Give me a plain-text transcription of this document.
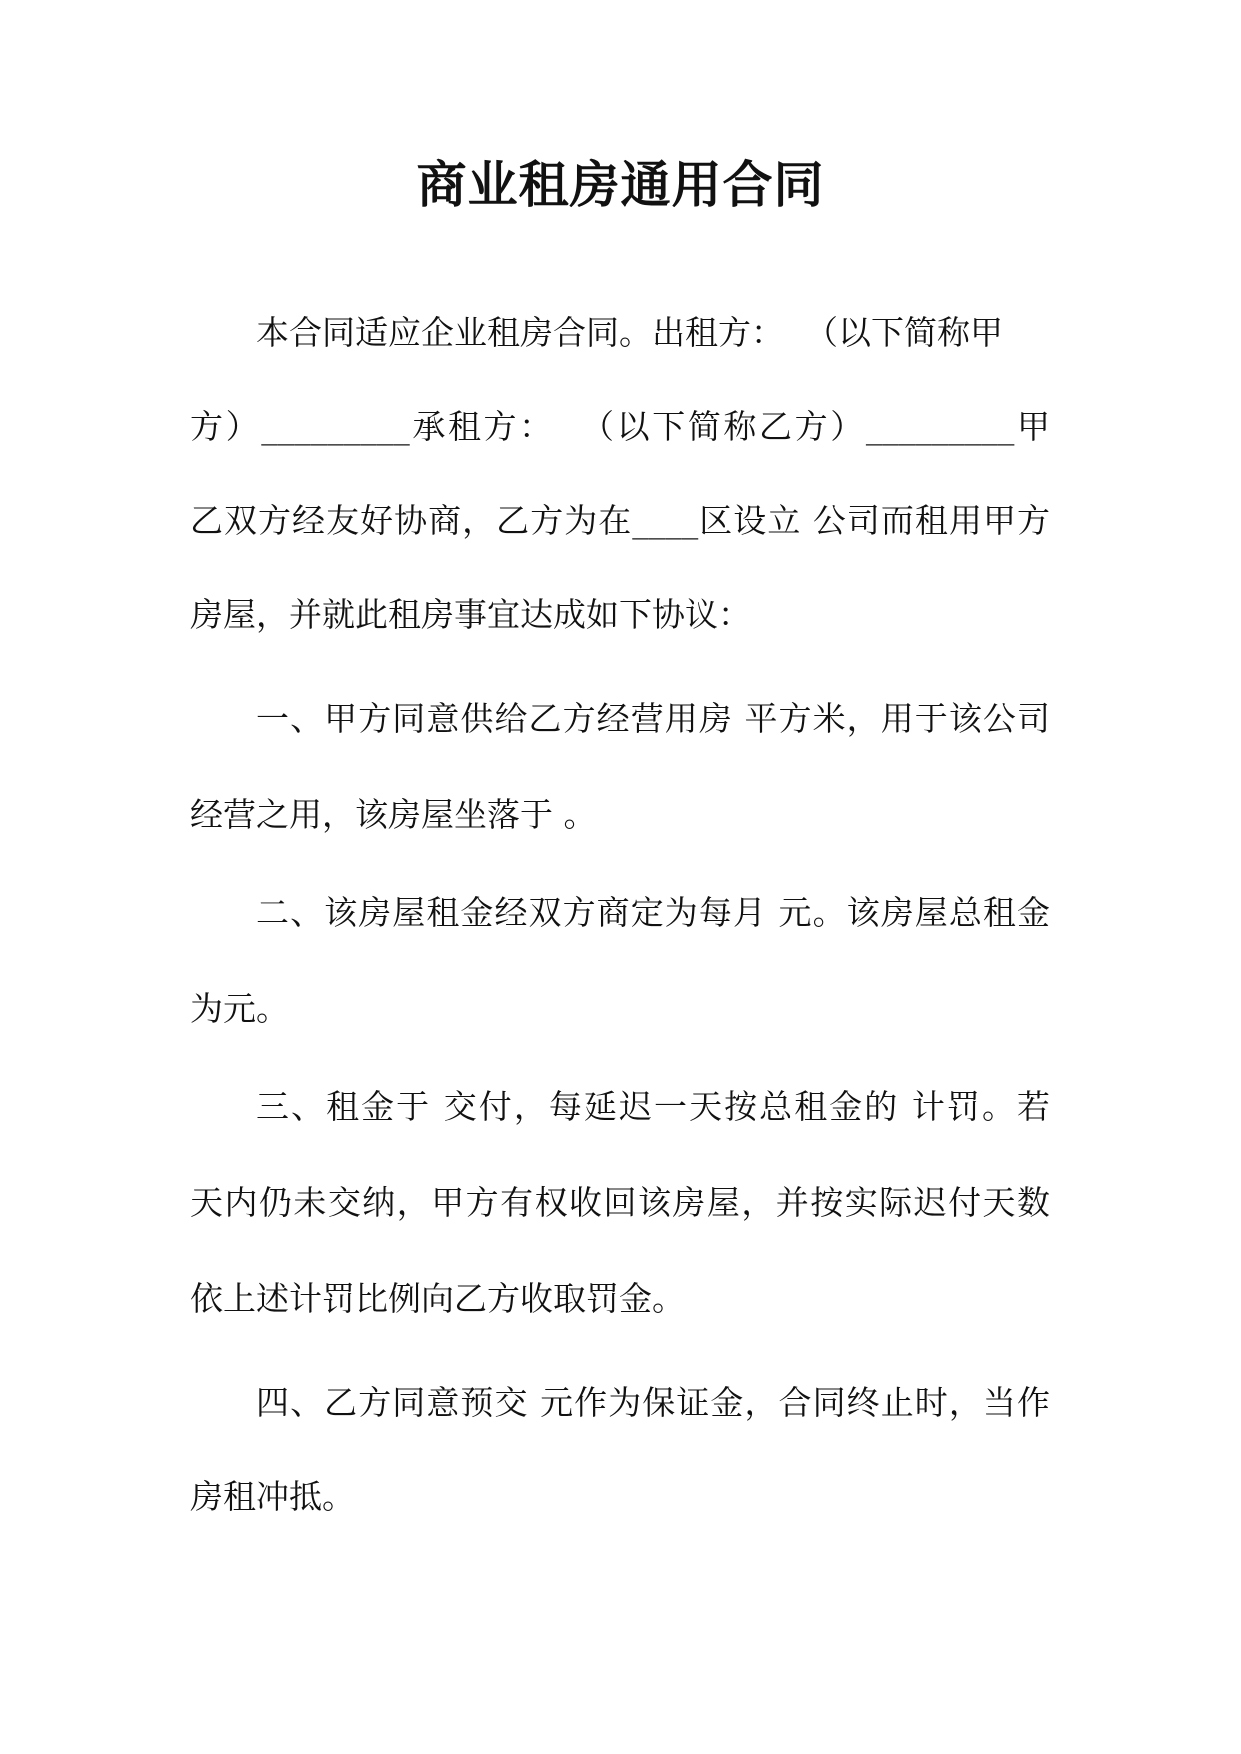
商业租房通用合同

本合同适应企业租房合同。出租方：  （以下简称甲

方）_________承租方：  （以下简称乙方）_________甲

乙双方经友好协商，乙方为在____区设立 公司而租用甲方

房屋，并就此租房事宜达成如下协议：

一、甲方同意供给乙方经营用房 平方米，用于该公司

经营之用，该房屋坐落于 。

二、该房屋租金经双方商定为每月 元。该房屋总租金

为元。

三、租金于 交付，每延迟一天按总租金的 计罚。若

天内仍未交纳，甲方有权收回该房屋，并按实际迟付天数

依上述计罚比例向乙方收取罚金。

四、乙方同意预交 元作为保证金，合同终止时，当作

房租冲抵。
